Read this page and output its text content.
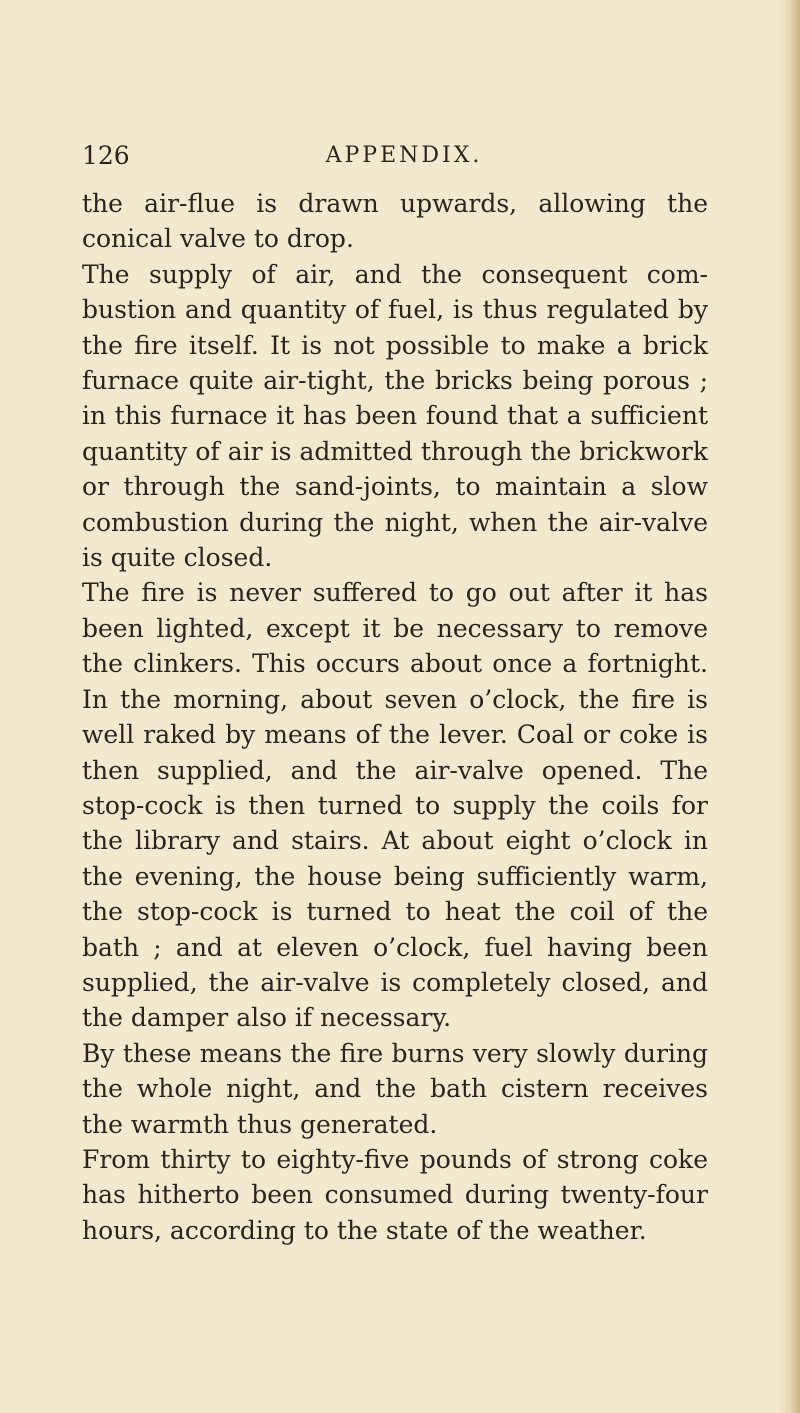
126	APPENDIX.

the air-flue is drawn upwards, allowing the conical valve to drop.

The supply of air, and the consequent com-bustion and quantity of fuel, is thus regulated by the fire itself. It is not possible to make a brick furnace quite air-tight, the bricks being porous ; in this furnace it has been found that a sufficient quantity of air is admitted through the brickwork or through the sand-joints, to maintain a slow combustion during the night, when the air-valve is quite closed.

The fire is never suffered to go out after it has been lighted, except it be necessary to remove the clinkers. This occurs about once a fortnight. In the morning, about seven o’clock, the fire is well raked by means of the lever. Coal or coke is then supplied, and the air-valve opened. The stop-cock is then turned to supply the coils for the library and stairs. At about eight o’clock in the evening, the house being sufficiently warm, the stop-cock is turned to heat the coil of the bath ; and at eleven o’clock, fuel having been supplied, the air-valve is completely closed, and the damper also if necessary.

By these means the fire burns very slowly during the whole night, and the bath cistern receives the warmth thus generated.

From thirty to eighty-five pounds of strong coke has hitherto been consumed during twenty-four hours, according to the state of the weather.
